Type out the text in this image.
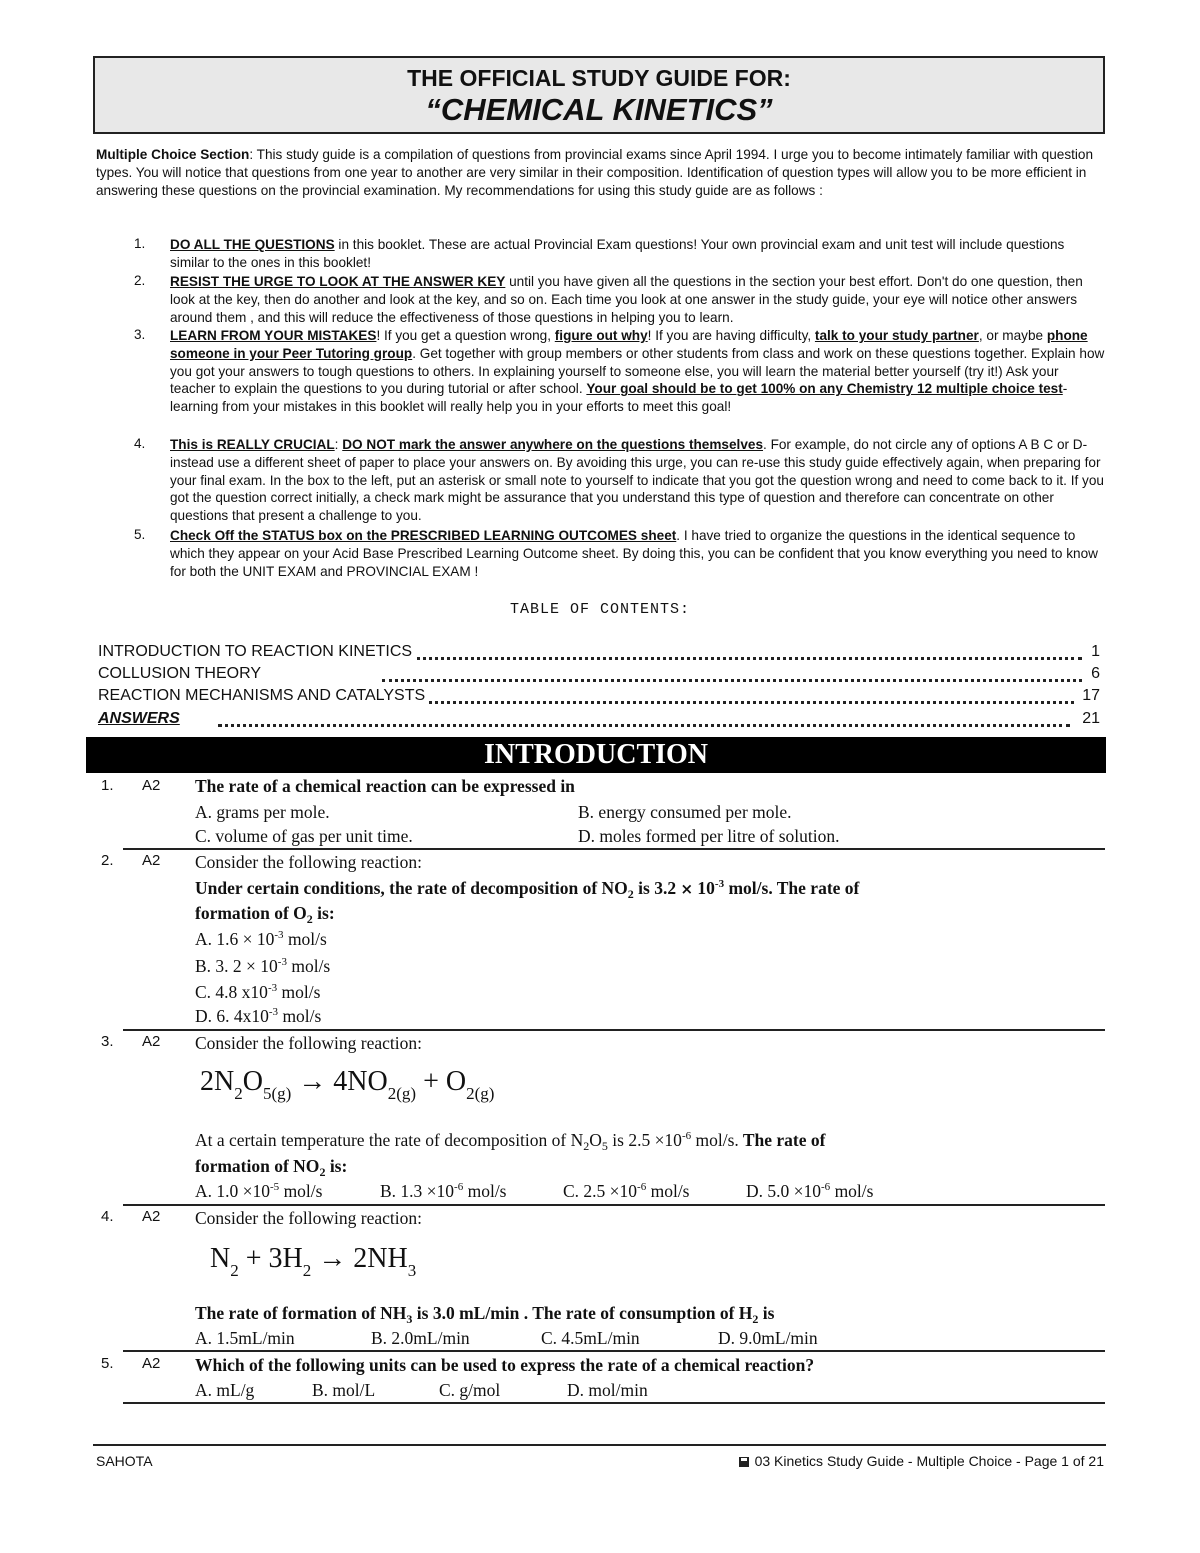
THE OFFICIAL STUDY GUIDE FOR:
“CHEMICAL KINETICS”
Multiple Choice Section: This study guide is a compilation of questions from provincial exams since April 1994. I urge you to become intimately familiar with question types. You will notice that questions from one year to another are very similar in their composition. Identification of question types will allow you to be more efficient in answering these questions on the provincial examination. My recommendations for using this study guide are as follows :
1. DO ALL THE QUESTIONS in this booklet. These are actual Provincial Exam questions! Your own provincial exam and unit test will include questions similar to the ones in this booklet!
2. RESIST THE URGE TO LOOK AT THE ANSWER KEY until you have given all the questions in the section your best effort. Don't do one question, then look at the key, then do another and look at the key, and so on. Each time you look at one answer in the study guide, your eye will notice other answers around them , and this will reduce the effectiveness of those questions in helping you to learn.
3. LEARN FROM YOUR MISTAKES! If you get a question wrong, figure out why! If you are having difficulty, talk to your study partner, or maybe phone someone in your Peer Tutoring group. Get together with group members or other students from class and work on these questions together. Explain how you got your answers to tough questions to others. In explaining yourself to someone else, you will learn the material better yourself (try it!) Ask your teacher to explain the questions to you during tutorial or after school. Your goal should be to get 100% on any Chemistry 12 multiple choice test- learning from your mistakes in this booklet will really help you in your efforts to meet this goal!
4. This is REALLY CRUCIAL: DO NOT mark the answer anywhere on the questions themselves. For example, do not circle any of options A B C or D-instead use a different sheet of paper to place your answers on. By avoiding this urge, you can re-use this study guide effectively again, when preparing for your final exam. In the box to the left, put an asterisk or small note to yourself to indicate that you got the question wrong and need to come back to it. If you got the question correct initially, a check mark might be assurance that you understand this type of question and therefore can concentrate on other questions that present a challenge to you.
5. Check Off the STATUS box on the PRESCRIBED LEARNING OUTCOMES sheet. I have tried to organize the questions in the identical sequence to which they appear on your Acid Base Prescribed Learning Outcome sheet. By doing this, you can be confident that you know everything you need to know for both the UNIT EXAM and PROVINCIAL EXAM !
TABLE OF CONTENTS:
INTRODUCTION TO REACTION KINETICS	1
COLLUSION THEORY	6
REACTION MECHANISMS AND CATALYSTS	17
ANSWERS	21
INTRODUCTION
1. A2 The rate of a chemical reaction can be expressed in
A. grams per mole.	B. energy consumed per mole.
C. volume of gas per unit time.	D. moles formed per litre of solution.
2. A2 Consider the following reaction:
Under certain conditions, the rate of decomposition of $NO_2$ is $3.2 \times 10^{-3}$ mol/s. The rate of
formation of $O_2$ is:
A. $1.6 \times 10^{-3}$ mol/s
B. 3. $2 \times 10^{-3}$ mol/s
C. 4.8 $x10^{-3}$ mol/s
D. 6. $4x10^{-3}$ mol/s
3. A2 Consider the following reaction:
$2N_2O_{5(g)} \to 4NO_{2(g)} + O_{2(g)}$
At a certain temperature the rate of decomposition of $N_2O_5$ is $2.5 \times 10^{-6}$ mol/s. The rate of
formation of $NO_2$ is:
A. $1.0 \times 10^{-5}$ mol/s	B. $1.3 \times 10^{-6}$ mol/s	C. $2.5 \times 10^{-6}$ mol/s	D. $5.0 \times 10^{-6}$ mol/s
4. A2 Consider the following reaction:
$N_2 + 3H_2 \to 2NH_3$
The rate of formation of $NH_3$ is 3.0 mL/min . The rate of consumption of $H_2$ is
A. 1.5mL/min	B. 2.0mL/min	C. 4.5mL/min	D. 9.0mL/min
5. A2 Which of the following units can be used to express the rate of a chemical reaction?
A. mL/g	B. mol/L	C. g/mol	D. mol/min
SAHOTA	03 Kinetics Study Guide - Multiple Choice - Page 1 of 21
